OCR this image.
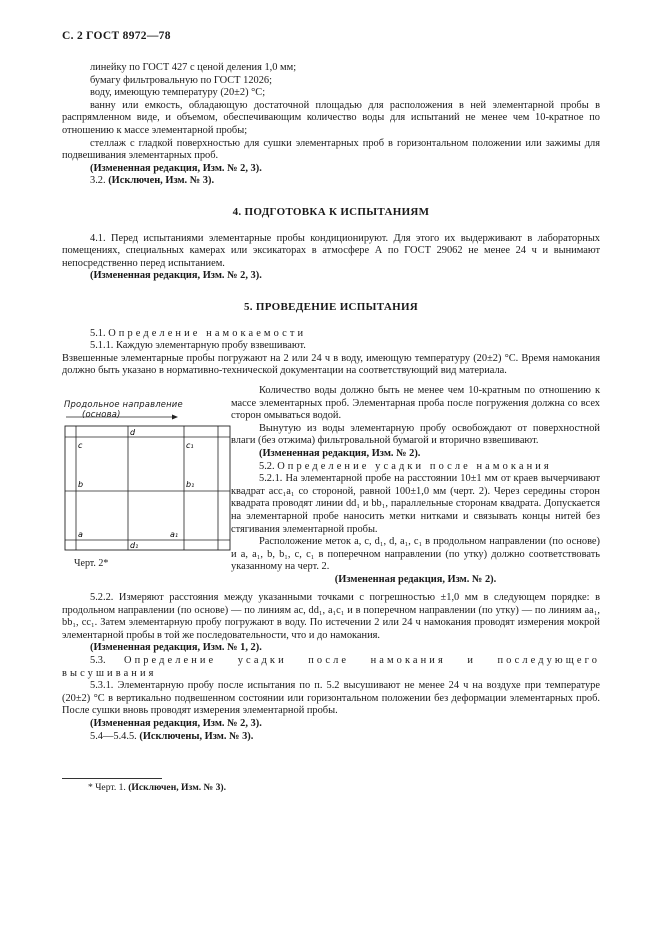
С. 2 ГОСТ 8972—78

линейку по ГОСТ 427 с ценой деления 1,0 мм;

бумагу фильтровальную по ГОСТ 12026;

воду, имеющую температуру (20±2) °С;

ванну или емкость, обладающую достаточной площадью для расположения в ней элементарной пробы в распрямленном виде, и объемом, обеспечивающим количество воды для испытаний не менее чем 10-кратное по отношению к массе элементарной пробы;

стеллаж с гладкой поверхностью для сушки элементарных проб в горизонтальном положении или зажимы для подвешивания элементарных проб.

(Измененная редакция, Изм. № 2, 3).

3.2. (Исключен, Изм. № 3).

4. ПОДГОТОВКА К ИСПЫТАНИЯМ

4.1. Перед испытаниями элементарные пробы кондиционируют. Для этого их выдерживают в лабораторных помещениях, специальных камерах или эксикаторах в атмосфере А по ГОСТ 29062 не менее 24 ч и вынимают непосредственно перед испытанием.

(Измененная редакция, Изм. № 2, 3).

5. ПРОВЕДЕНИЕ ИСПЫТАНИЯ

5.1. Определение намокаемости

5.1.1. Каждую элементарную пробу взвешивают.

Взвешенные элементарные пробы погружают на 2 или 24 ч в воду, имеющую температуру (20±2) °С. Время намокания должно быть указано в нормативно-технической документации на соответствующий вид материала.

Продольное направление
(основа)
d
c	c₁
b	b₁
a	a₁
d₁
Черт. 2*

Количество воды должно быть не менее чем 10-кратным по отношению к массе элементарных проб. Элементарная проба после погружения должна со всех сторон омываться водой.

Вынутую из воды элементарную пробу освобождают от поверхностной влаги (без отжима) фильтровальной бумагой и вторично взвешивают.

(Измененная редакция, Изм. № 2).

5.2. Определение усадки после намокания

5.2.1. На элементарной пробе на расстоянии 10±1 мм от краев вычерчивают квадрат acc₁a₁ со стороной, равной 100±1,0 мм (черт. 2). Через середины сторон квадрата проводят линии dd₁ и bb₁, параллельные сторонам квадрата. Допускается на элементарной пробе наносить метки нитками и связывать концы нитей без стягивания элементарной пробы.

Расположение меток a, c, d₁, d, a₁, c₁ в продольном направлении (по основе) и a, a₁, b, b₁, c, c₁ в поперечном направлении (по утку) должно соответствовать указанному на черт. 2.

(Измененная редакция, Изм. № 2).

5.2.2. Измеряют расстояния между указанными точками с погрешностью ±1,0 мм в следующем порядке: в продольном направлении (по основе) — по линиям ac, dd₁, a₁c₁ и в поперечном направлении (по утку) — по линиям aa₁, bb₁, cc₁. Затем элементарную пробу погружают в воду. По истечении 2 или 24 ч намокания проводят измерения мокрой элементарной пробы в той же последовательности, что и до намокания.

(Измененная редакция, Изм. № 1, 2).

5.3. Определение усадки после намокания и последующего высушивания

5.3.1. Элементарную пробу после испытания по п. 5.2 высушивают не менее 24 ч на воздухе при температуре (20±2) °С в вертикально подвешенном состоянии или горизонтальном положении без деформации элементарных проб. После сушки вновь проводят измерения элементарной пробы.

(Измененная редакция, Изм. № 2, 3).

5.4—5.4.5. (Исключены, Изм. № 3).

* Черт. 1. (Исключен, Изм. № 3).
